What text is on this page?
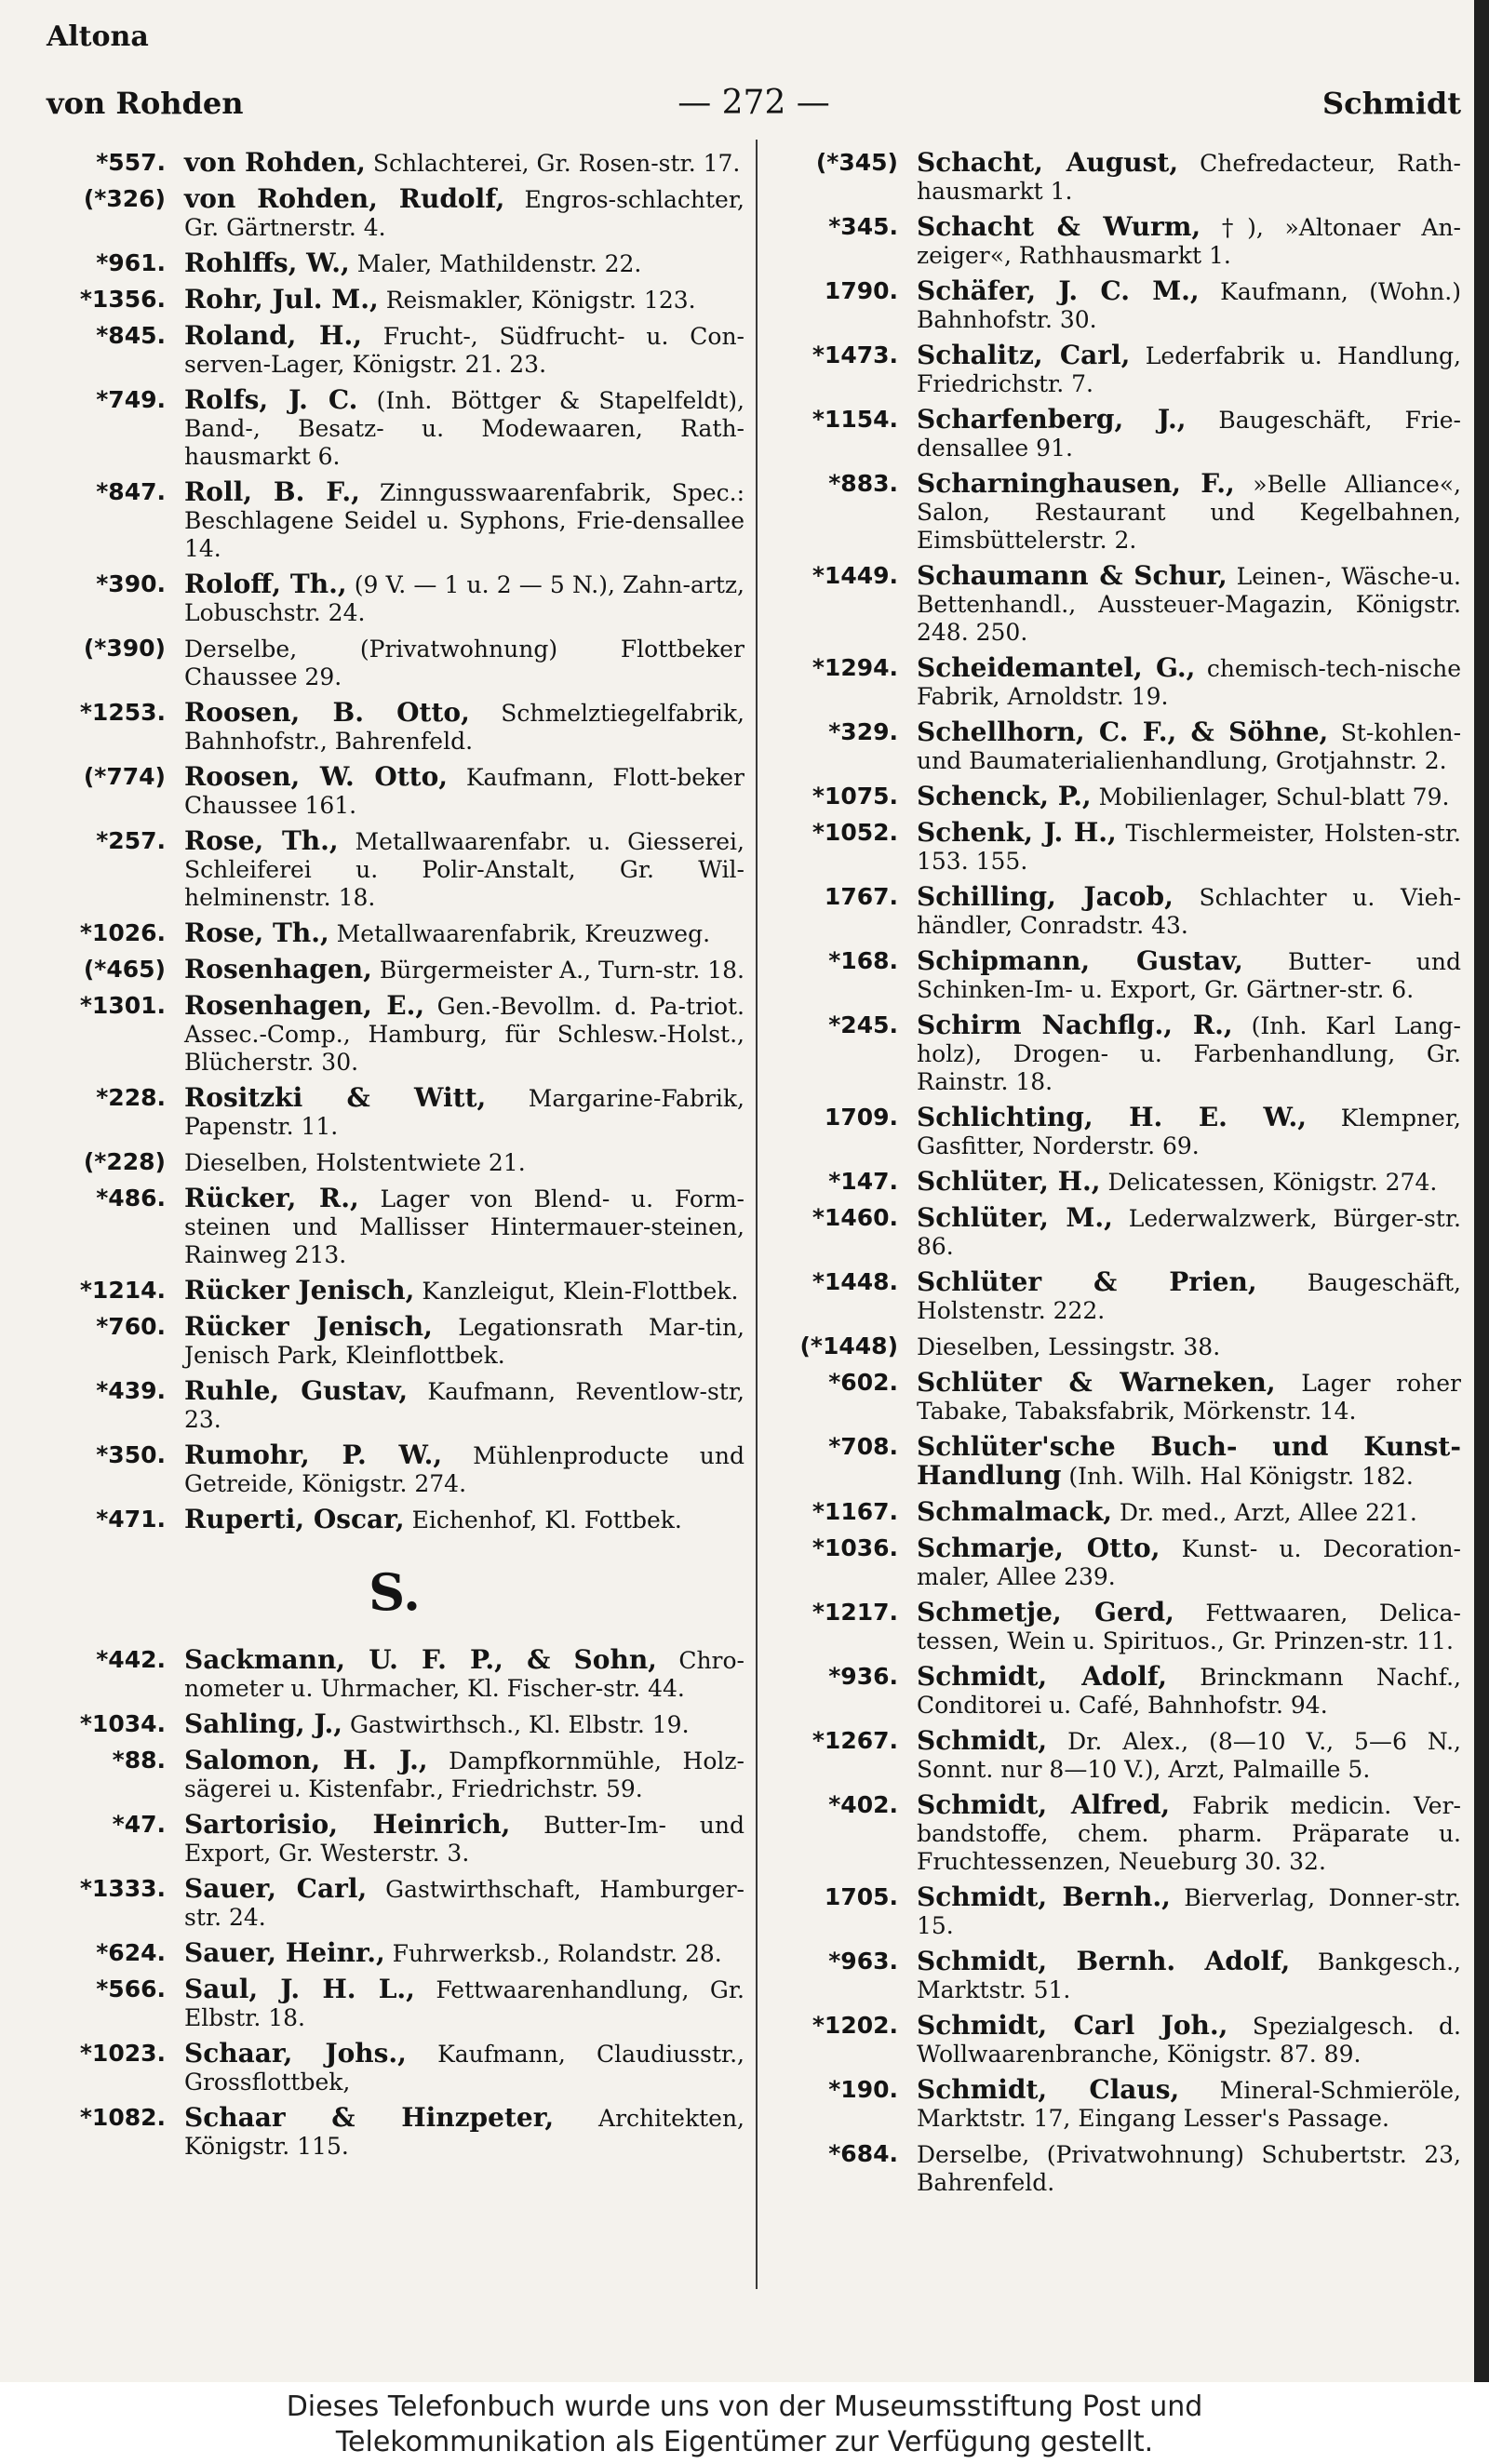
Altona
von Rohden	— 272 —	Schmidt
*557. von Rohden, Schlachterei, Gr. Rosen-str. 17.
(*326) von Rohden, Rudolf, Engros-schlachter, Gr. Gärtnerstr. 4.
*961. Rohlffs, W., Maler, Mathildenstr. 22.
*1356. Rohr, Jul. M., Reismakler, Königstr. 123.
*845. Roland, H., Frucht-, Südfrucht- u. Con-serven-Lager, Königstr. 21. 23.
*749. Rolfs, J. C. (Inh. Böttger & Stapelfeldt), Band-, Besatz- u. Modewaaren, Rath-hausmarkt 6.
*847. Roll, B. F., Zinngusswaarenfabrik, Spec.: Beschlagene Seidel u. Syphons, Frie-densallee 14.
*390. Roloff, Th., (9 V. — 1 u. 2 — 5 N.), Zahn-artz, Lobuschstr. 24.
(*390) Derselbe, (Privatwohnung) Flottbeker Chaussee 29.
*1253. Roosen, B. Otto, Schmelztiegelfabrik, Bahnhofstr., Bahrenfeld.
(*774) Roosen, W. Otto, Kaufmann, Flott-beker Chaussee 161.
*257. Rose, Th., Metallwaarenfabr. u. Giesserei, Schleiferei u. Polir-Anstalt, Gr. Wil-helminenstr. 18.
*1026. Rose, Th., Metallwaarenfabrik, Kreuzweg.
(*465) Rosenhagen, Bürgermeister A., Turn-str. 18.
*1301. Rosenhagen, E., Gen.-Bevollm. d. Pa-triot. Assec.-Comp., Hamburg, für Schlesw.-Holst., Blücherstr. 30.
*228. Rositzki & Witt, Margarine-Fabrik, Papenstr. 11.
(*228) Dieselben, Holstentwiete 21.
*486. Rücker, R., Lager von Blend- u. Form-steinen und Mallisser Hintermauer-steinen, Rainweg 213.
*1214. Rücker Jenisch, Kanzleigut, Klein-Flottbek.
*760. Rücker Jenisch, Legationsrath Mar-tin, Jenisch Park, Kleinflottbek.
*439. Ruhle, Gustav, Kaufmann, Reventlow-str, 23.
*350. Rumohr, P. W., Mühlenproducte und Getreide, Königstr. 274.
*471. Ruperti, Oscar, Eichenhof, Kl. Fottbek.
S.
*442. Sackmann, U. F. P., & Sohn, Chro-nometer u. Uhrmacher, Kl. Fischer-str. 44.
*1034. Sahling, J., Gastwirthsch., Kl. Elbstr. 19.
*88. Salomon, H. J., Dampfkornmühle, Holz-sägerei u. Kistenfabr., Friedrichstr. 59.
*47. Sartorisio, Heinrich, Butter-Im- und Export, Gr. Westerstr. 3.
*1333. Sauer, Carl, Gastwirthschaft, Hamburger-str. 24.
*624. Sauer, Heinr., Fuhrwerksb., Rolandstr. 28.
*566. Saul, J. H. L., Fettwaarenhandlung, Gr. Elbstr. 18.
*1023. Schaar, Johs., Kaufmann, Claudiusstr., Grossflottbek,
*1082. Schaar & Hinzpeter, Architekten, Königstr. 115.
(*345) Schacht, August, Chefredacteur, Rath-hausmarkt 1.
*345. Schacht & Wurm, †), »Altonaer An-zeiger«, Rathhausmarkt 1.
1790. Schäfer, J. C. M., Kaufmann, (Wohn.) Bahnhofstr. 30.
*1473. Schalitz, Carl, Lederfabrik u. Handlung, Friedrichstr. 7.
*1154. Scharfenberg, J., Baugeschäft, Frie-densallee 91.
*883. Scharninghausen, F., »Belle Alliance«, Salon, Restaurant und Kegelbahnen, Eimsbüttelerstr. 2.
*1449. Schaumann & Schur, Leinen-, Wäsche-u. Bettenhandl., Aussteuer-Magazin, Königstr. 248. 250.
*1294. Scheidemantel, G., chemisch-tech-nische Fabrik, Arnoldstr. 19.
*329. Schellhorn, C. F., & Söhne, St-kohlen- und Baumaterialienhandlung, Grotjahnstr. 2.
*1075. Schenck, P., Mobilienlager, Schul-blatt 79.
*1052. Schenk, J. H., Tischlermeister, Holsten-str. 153. 155.
1767. Schilling, Jacob, Schlachter u. Vieh-händler, Conradstr. 43.
*168. Schipmann, Gustav, Butter- und Schinken-Im- u. Export, Gr. Gärtner-str. 6.
*245. Schirm Nachflg., R., (Inh. Karl Lang-holz), Drogen- u. Farbenhandlung, Gr. Rainstr. 18.
1709. Schlichting, H. E. W., Klempner, Gasfitter, Norderstr. 69.
*147. Schlüter, H., Delicatessen, Königstr. 274.
*1460. Schlüter, M., Lederwalzwerk, Bürger-str. 86.
*1448. Schlüter & Prien, Baugeschäft, Holstenstr. 222.
(*1448) Dieselben, Lessingstr. 38.
*602. Schlüter & Warneken, Lager roher Tabake, Tabaksfabrik, Mörkenstr. 14.
*708. Schlüter'sche Buch- und Kunst-Handlung (Inh. Wilh. Hal Königstr. 182.
*1167. Schmalmack, Dr. med., Arzt, Allee 221.
*1036. Schmarje, Otto, Kunst- u. Decoration-maler, Allee 239.
*1217. Schmetje, Gerd, Fettwaaren, Delica-tessen, Wein u. Spirituos., Gr. Prinzen-str. 11.
*936. Schmidt, Adolf, Brinckmann Nachf., Conditorei u. Café, Bahnhofstr. 94.
*1267. Schmidt, Dr. Alex., (8—10 V., 5—6 N., Sonnt. nur 8—10 V.), Arzt, Palmaille 5.
*402. Schmidt, Alfred, Fabrik medicin. Ver-bandstoffe, chem. pharm. Präparate u. Fruchtessenzen, Neueburg 30. 32.
1705. Schmidt, Bernh., Bierverlag, Donner-str. 15.
*963. Schmidt, Bernh. Adolf, Bankgesch., Marktstr. 51.
*1202. Schmidt, Carl Joh., Spezialgesch. d. Wollwaarenbranche, Königstr. 87. 89.
*190. Schmidt, Claus, Mineral-Schmieröle, Marktstr. 17, Eingang Lesser's Passage.
*684. Derselbe, (Privatwohnung) Schubertstr. 23, Bahrenfeld.
Dieses Telefonbuch wurde uns von der Museumsstiftung Post und
Telekommunikation als Eigentümer zur Verfügung gestellt.
